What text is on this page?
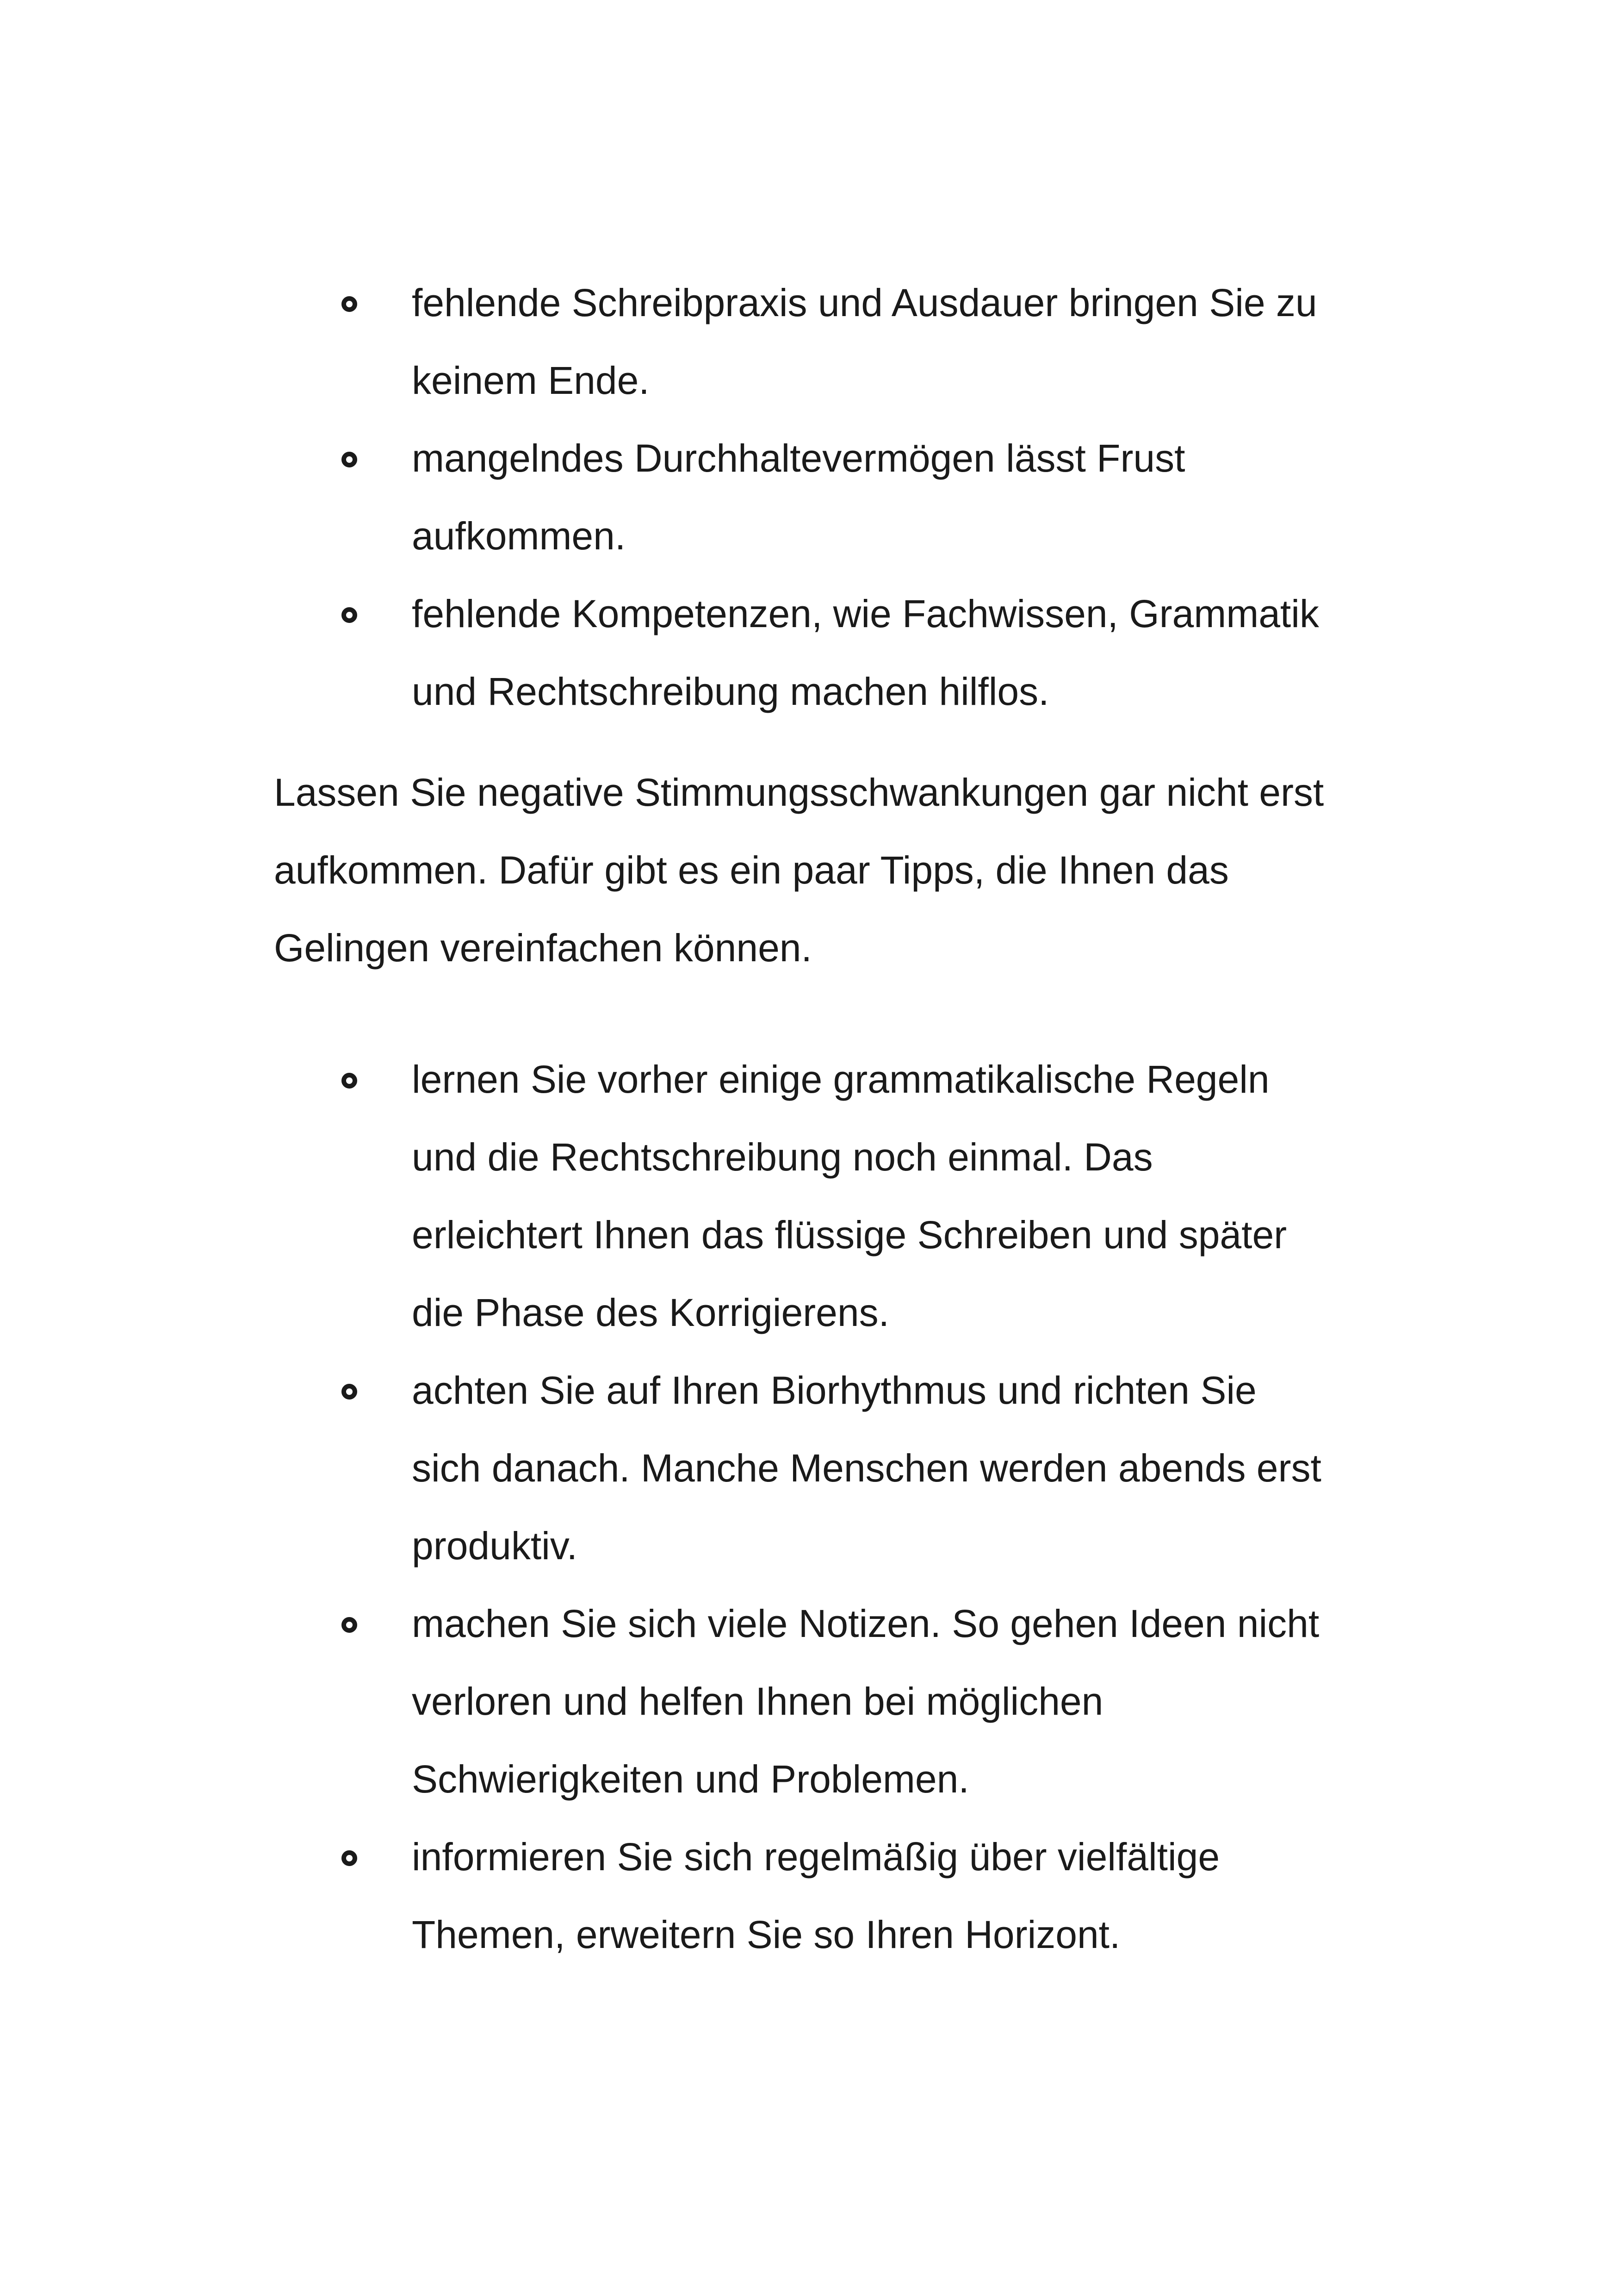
fehlende Schreibpraxis und Ausdauer bringen Sie zu
keinem Ende.
mangelndes Durchhaltevermögen lässt Frust
aufkommen.
fehlende Kompetenzen, wie Fachwissen, Grammatik
und Rechtschreibung machen hilflos.
Lassen Sie negative Stimmungsschwankungen gar nicht erst
aufkommen. Dafür gibt es ein paar Tipps, die Ihnen das
Gelingen vereinfachen können.
lernen Sie vorher einige grammatikalische Regeln
und die Rechtschreibung noch einmal. Das
erleichtert Ihnen das flüssige Schreiben und später
die Phase des Korrigierens.
achten Sie auf Ihren Biorhythmus und richten Sie
sich danach. Manche Menschen werden abends erst
produktiv.
machen Sie sich viele Notizen. So gehen Ideen nicht
verloren und helfen Ihnen bei möglichen
Schwierigkeiten und Problemen.
informieren Sie sich regelmäßig über vielfältige
Themen, erweitern Sie so Ihren Horizont.
